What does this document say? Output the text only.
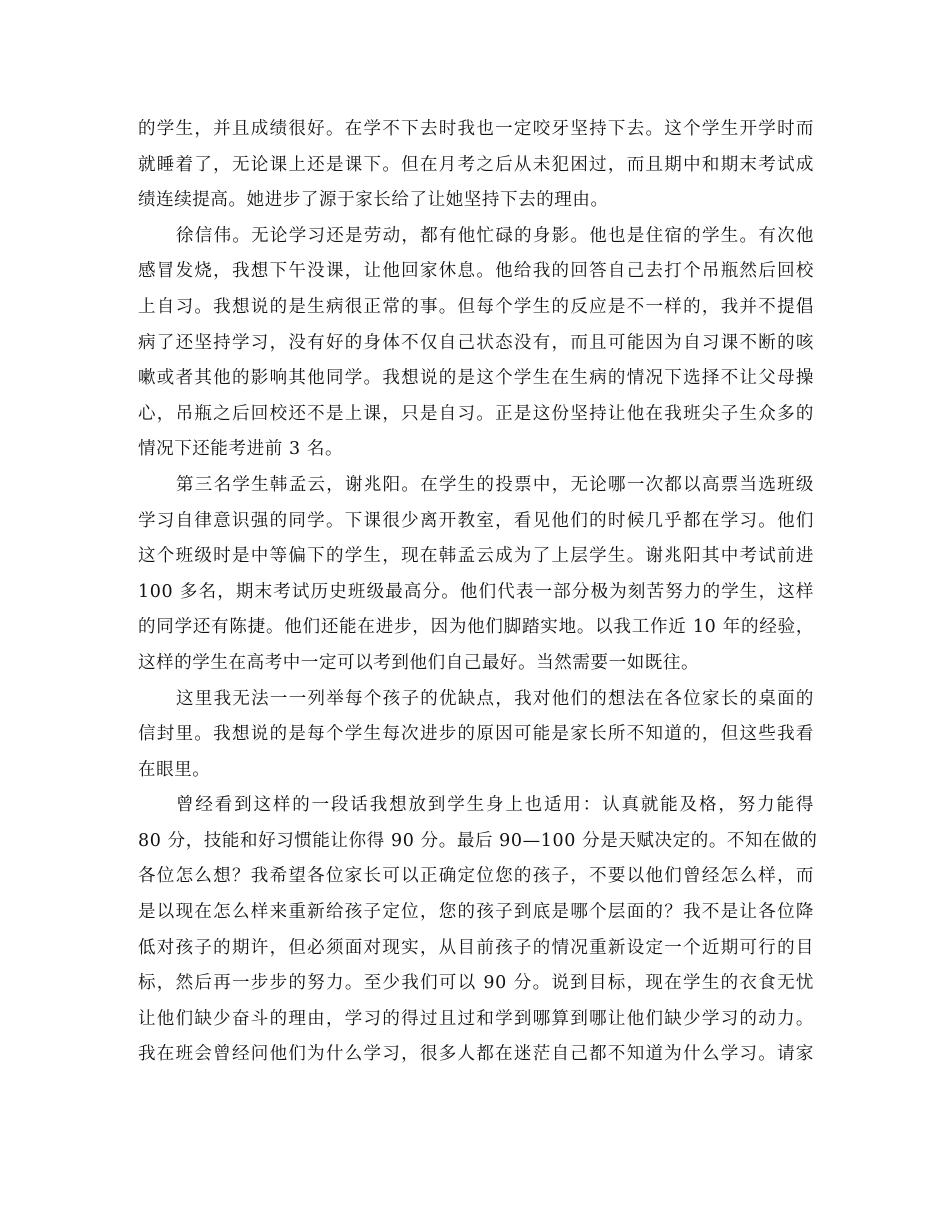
的学生，并且成绩很好。在学不下去时我也一定咬牙坚持下去。这个学生开学时而
就睡着了，无论课上还是课下。但在月考之后从未犯困过，而且期中和期末考试成
绩连续提高。她进步了源于家长给了让她坚持下去的理由。
徐信伟。无论学习还是劳动，都有他忙碌的身影。他也是住宿的学生。有次他
感冒发烧，我想下午没课，让他回家休息。他给我的回答自己去打个吊瓶然后回校
上自习。我想说的是生病很正常的事。但每个学生的反应是不一样的，我并不提倡
病了还坚持学习，没有好的身体不仅自己状态没有，而且可能因为自习课不断的咳
嗽或者其他的影响其他同学。我想说的是这个学生在生病的情况下选择不让父母操
心，吊瓶之后回校还不是上课，只是自习。正是这份坚持让他在我班尖子生众多的
情况下还能考进前 3 名。
第三名学生韩孟云，谢兆阳。在学生的投票中，无论哪一次都以高票当选班级
学习自律意识强的同学。下课很少离开教室，看见他们的时候几乎都在学习。他们
这个班级时是中等偏下的学生，现在韩孟云成为了上层学生。谢兆阳其中考试前进
100 多名，期末考试历史班级最高分。他们代表一部分极为刻苦努力的学生，这样
的同学还有陈捷。他们还能在进步，因为他们脚踏实地。以我工作近 10 年的经验，
这样的学生在高考中一定可以考到他们自己最好。当然需要一如既往。
这里我无法一一列举每个孩子的优缺点，我对他们的想法在各位家长的桌面的
信封里。我想说的是每个学生每次进步的原因可能是家长所不知道的，但这些我看
在眼里。
曾经看到这样的一段话我想放到学生身上也适用：认真就能及格，努力能得
80 分，技能和好习惯能让你得 90 分。最后 90—100 分是天赋决定的。不知在做的
各位怎么想？我希望各位家长可以正确定位您的孩子，不要以他们曾经怎么样，而
是以现在怎么样来重新给孩子定位，您的孩子到底是哪个层面的？我不是让各位降
低对孩子的期许，但必须面对现实，从目前孩子的情况重新设定一个近期可行的目
标，然后再一步步的努力。至少我们可以 90 分。说到目标，现在学生的衣食无忧
让他们缺少奋斗的理由，学习的得过且过和学到哪算到哪让他们缺少学习的动力。
我在班会曾经问他们为什么学习，很多人都在迷茫自己都不知道为什么学习。请家
